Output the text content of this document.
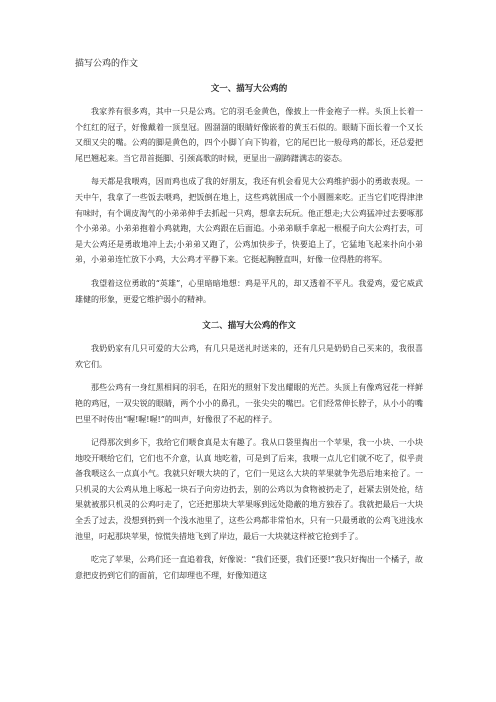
描写公鸡的作文
文一、描写大公鸡的

我家养有很多鸡，其中一只是公鸡。它的羽毛金黄色，像披上一件金袍子一样。头顶上长着一个红红的冠子，好像戴着一顶皇冠。圆溜溜的眼睛好像嵌着的黄玉石似的。眼睛下面长着一个又长又细又尖的嘴。公鸡的脚是黄色的，四个小脚丫向下钩着，它的尾巴比一般母鸡的都长，还总爱把尾巴翘起来。当它昂首挺脚、引颈高歌的时候，更显出一副踌躇满志的姿态。

每天都是我喂鸡，因而鸡也成了我的好朋友，我还有机会看见大公鸡维护弱小的勇敢表现。一天中午，我拿了一些饭去喂鸡，把饭倒在地上，这些鸡就围成一个小圆圈来吃。正当它们吃得津津有味时，有个调皮淘气的小弟弟伸手去抓起一只鸡，想拿去玩玩。他正想走;大公鸡猛冲过去要啄那个小弟弟。小弟弟抱着小鸡就跑，大公鸡跟在后面追。小弟弟顺手拿起一根棍子向大公鸡打去，可是大公鸡还是勇敢地冲上去;小弟弟又跑了，公鸡加快步子，快要追上了，它猛地飞起来扑向小弟弟，小弟弟连忙放下小鸡，大公鸡才平静下来。它挺起胸膛直叫，好像一位得胜的将军。

我望着这位勇敢的“英雄”，心里暗暗地想：鸡是平凡的，却又透着不平凡。我爱鸡，爱它威武雄健的形象，更爱它维护弱小的精神。

文二、描写大公鸡的作文

我奶奶家有几只可爱的大公鸡，有几只是送礼时送来的，还有几只是奶奶自己买来的，我很喜欢它们。

那些公鸡有一身红黑相间的羽毛，在阳光的照射下发出耀眼的光芒。头顶上有像鸡冠花一样鲜艳的鸡冠，一双尖锐的眼睛，两个小小的鼻孔，一张尖尖的嘴巴。它们经常伸长脖子，从小小的嘴巴里不时传出“喔!喔!喔!”的叫声，好像很了不起的样子。

记得那次到乡下，我给它们喂食真是太有趣了。我从口袋里掏出一个苹果，我一小块、一小块地咬开喂给它们，它们也不介意，认真 地吃着，可是到了后来，我喂一点儿它们就不吃了，似乎责备我喂这么一点真小气。我就只好喂大块的了，它们一见这么大块的苹果就争先恐后地来抢了。一只机灵的大公鸡从地上啄起一块石子向旁边扔去，别的公鸡以为食物被扔走了，赶紧去别处抢，结果就被那只机灵的公鸡叼走了，它还把那块大苹果啄到远处隐蔽的地方独吞了。我就把最后一大块全丢了过去，没想到扔到一个浅水池里了，这些公鸡都非常怕水，只有一只最勇敢的公鸡飞进浅水池里，叼起那块苹果，惊慌失措地飞到了岸边，最后一大块就这样被它抢到手了。

吃完了苹果，公鸡们还一直追着我，好像说：“我们还要，我们还要!”我只好掏出一个橘子，故意把皮扔到它们的面前，它们却理也不理，好像知道这
